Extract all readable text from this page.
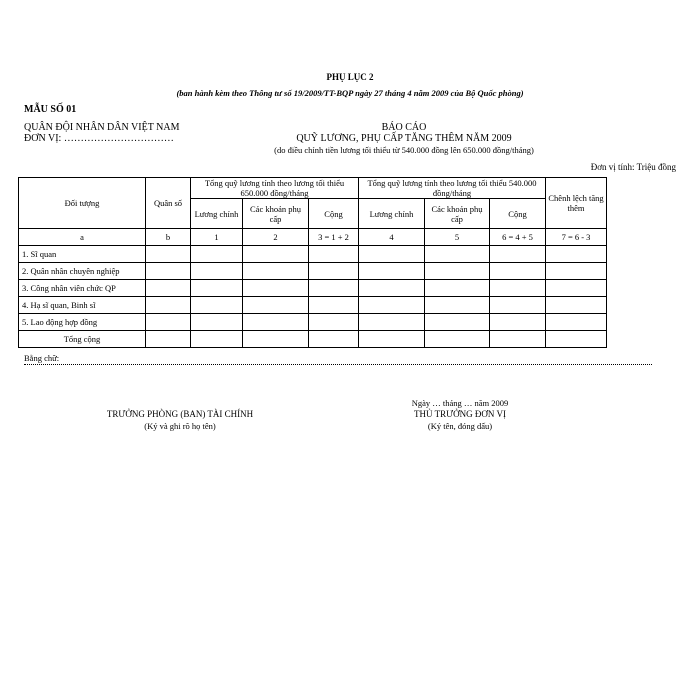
PHỤ LỤC 2
(ban hành kèm theo Thông tư số 19/2009/TT-BQP ngày 27 tháng 4 năm 2009 của Bộ Quốc phòng)
MẪU SỐ 01
QUÂN ĐỘI NHÂN DÂN VIỆT NAM
ĐƠN VỊ: ……………………………
BÁO CÁO
QUỸ LƯƠNG, PHỤ CẤP TĂNG THÊM NĂM 2009
(do điều chỉnh tiền lương tối thiểu từ 540.000 đồng lên 650.000 đồng/tháng)
Đơn vị tính: Triệu đồng
Đối tượng	Quân số	Tổng quỹ lương tính theo lương tối thiểu 650.000 đồng/tháng			Tổng quỹ lương tính theo lương tối thiểu 540.000 đồng/tháng			Chênh lệch tăng thêm
		Lương chính	Các khoản phụ cấp	Cộng	Lương chính	Các khoản phụ cấp	Cộng	
a	b	1	2	3 = 1 + 2	4	5	6 = 4 + 5	7 = 6 - 3
1. Sĩ quan								
2. Quân nhân chuyên nghiệp								
3. Công nhân viên chức QP								
4. Hạ sĩ quan, Binh sĩ								
5. Lao động hợp đồng								
Tổng cộng								
Bằng chữ:
Ngày … tháng … năm 2009
TRƯỞNG PHÒNG (BAN) TÀI CHÍNH
(Ký và ghi rõ họ tên)
THỦ TRƯỞNG ĐƠN VỊ
(Ký tên, đóng dấu)
